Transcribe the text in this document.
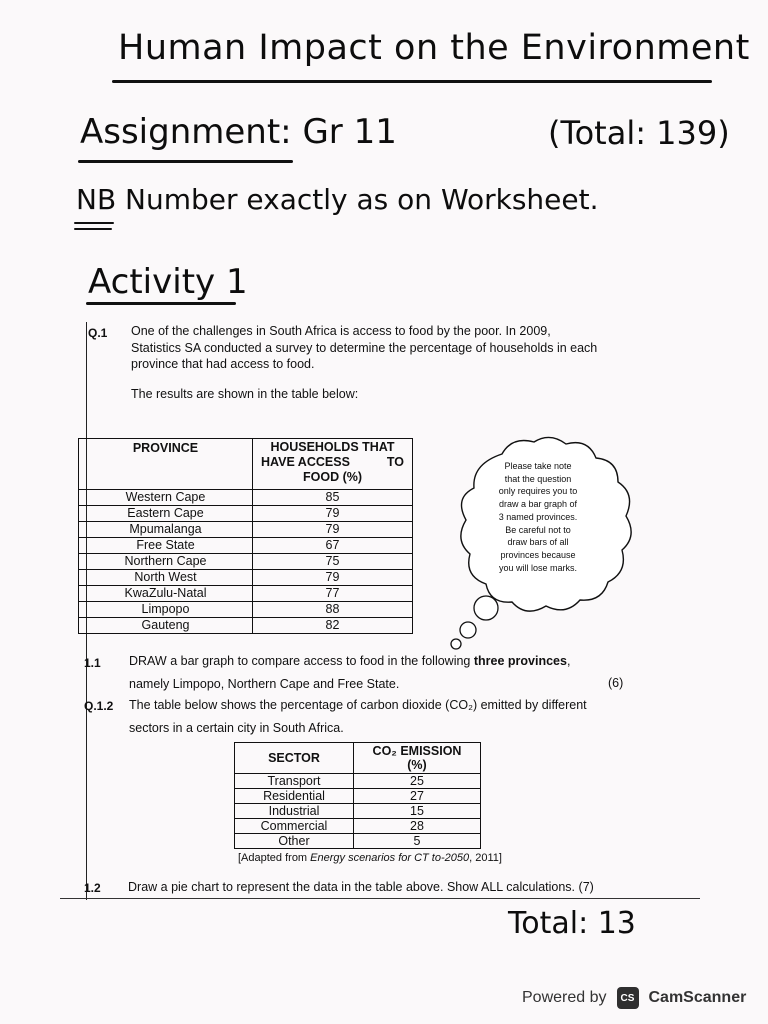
Human Impact on the Environment
Assignment: Gr 11	(Total: 139)
NB Number exactly as on Worksheet.
Activity 1
Q.1 One of the challenges in South Africa is access to food by the poor. In 2009,
Statistics SA conducted a survey to determine the percentage of households in each
province that had access to food.
The results are shown in the table below:
PROVINCE	HOUSEHOLDS THAT
HAVE ACCESS TO
FOOD (%)

Western Cape	85
Eastern Cape	79
Mpumalanga	79
Free State	67
Northern Cape	75
North West	79
KwaZulu-Natal	77
Limpopo	88
Gauteng	82
Please take note
that the question
only requires you to
draw a bar graph of
3 named provinces.
Be careful not to
draw bars of all
provinces because
you will lose marks.
1.1 DRAW a bar graph to compare access to food in the following three provinces,
namely Limpopo, Northern Cape and Free State.	(6)
Q.1.2 The table below shows the percentage of carbon dioxide (CO₂) emitted by different
sectors in a certain city in South Africa.
SECTOR	CO₂ EMISSION
(%)

Transport	25
Residential	27
Industrial	15
Commercial	28
Other	5
[Adapted from Energy scenarios for CT to-2050, 2011]
1.2 Draw a pie chart to represent the data in the table above. Show ALL calculations. (7)
Total: 13
Powered by	CS CamScanner
